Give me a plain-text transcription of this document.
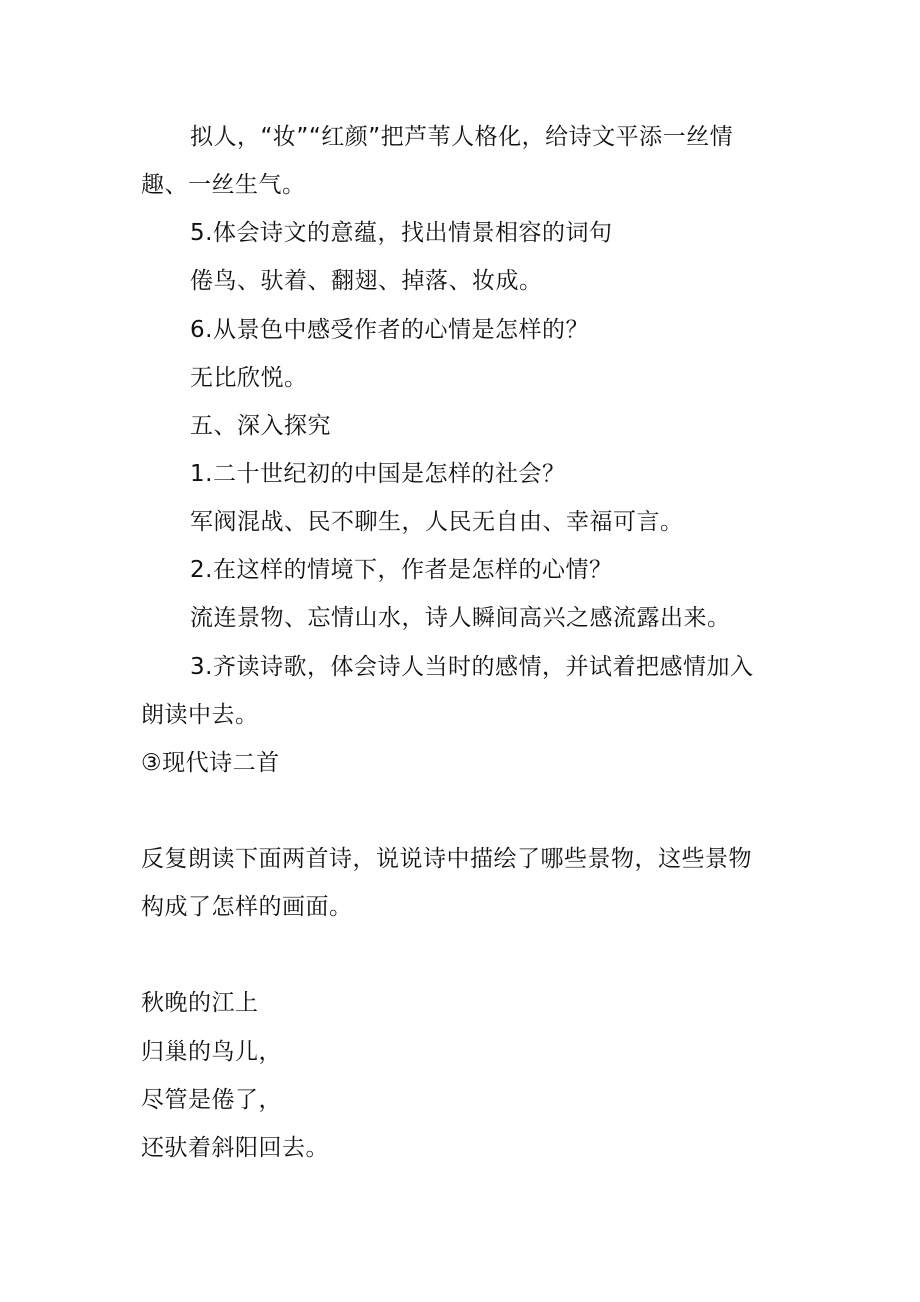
拟人，“妆”“红颜”把芦苇人格化，给诗文平添一丝情
趣、一丝生气。
5.体会诗文的意蕴，找出情景相容的词句
倦鸟、驮着、翻翅、掉落、妆成。
6.从景色中感受作者的心情是怎样的？
无比欣悦。
五、深入探究
1.二十世纪初的中国是怎样的社会？
军阀混战、民不聊生，人民无自由、幸福可言。
2.在这样的情境下，作者是怎样的心情？
流连景物、忘情山水，诗人瞬间高兴之感流露出来。
3.齐读诗歌，体会诗人当时的感情，并试着把感情加入
朗读中去。
③现代诗二首
反复朗读下面两首诗，说说诗中描绘了哪些景物，这些景物
构成了怎样的画面。
秋晚的江上
归巢的鸟儿，
尽管是倦了，
还驮着斜阳回去。
